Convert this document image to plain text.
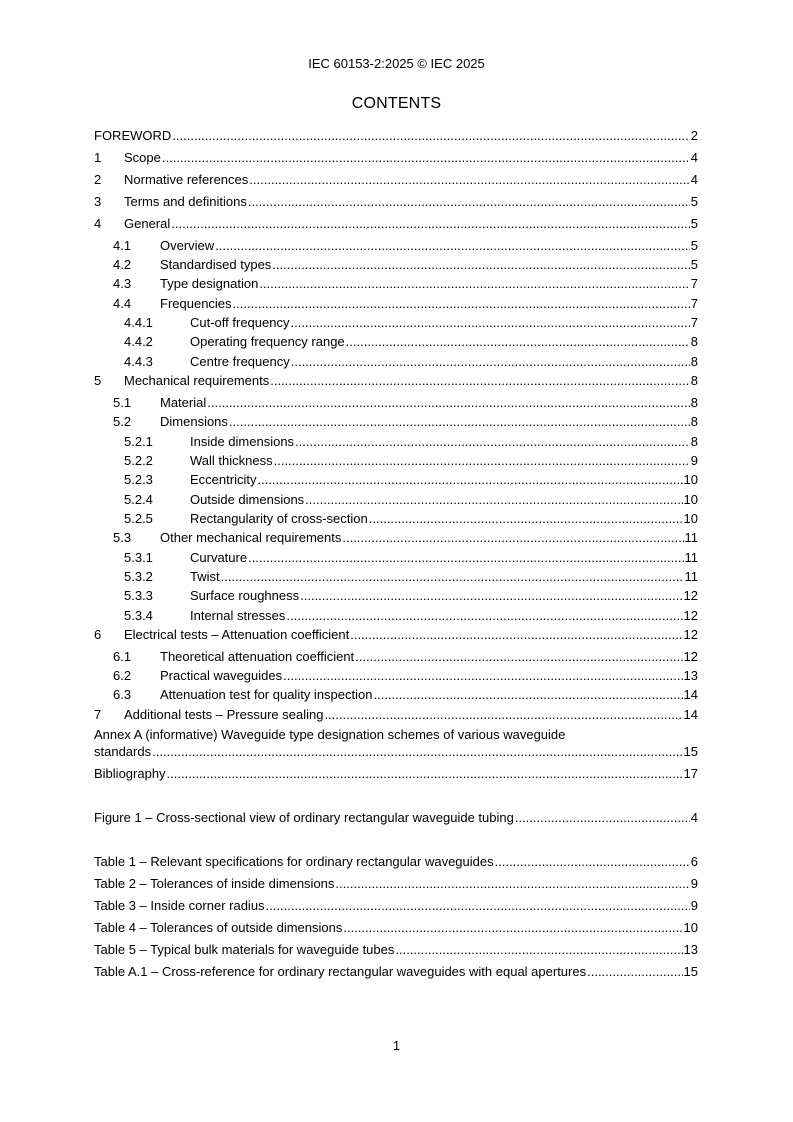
IEC 60153-2:2025 © IEC 2025
CONTENTS
FOREWORD .....	2
1	Scope .....	4
2	Normative references .....	4
3	Terms and definitions .....	5
4	General .....	5
4.1	Overview .....	5
4.2	Standardised types .....	5
4.3	Type designation .....	7
4.4	Frequencies .....	7
4.4.1	Cut-off frequency .....	7
4.4.2	Operating frequency range .....	8
4.4.3	Centre frequency .....	8
5	Mechanical requirements .....	8
5.1	Material .....	8
5.2	Dimensions .....	8
5.2.1	Inside dimensions .....	8
5.2.2	Wall thickness .....	9
5.2.3	Eccentricity .....	10
5.2.4	Outside dimensions .....	10
5.2.5	Rectangularity of cross-section .....	10
5.3	Other mechanical requirements .....	11
5.3.1	Curvature .....	11
5.3.2	Twist .....	11
5.3.3	Surface roughness .....	12
5.3.4	Internal stresses .....	12
6	Electrical tests – Attenuation coefficient .....	12
6.1	Theoretical attenuation coefficient .....	12
6.2	Practical waveguides .....	13
6.3	Attenuation test for quality inspection .....	14
7	Additional tests – Pressure sealing .....	14
Annex A (informative) Waveguide type designation schemes of various waveguide
standards .....	15
Bibliography .....	17
Figure 1 – Cross-sectional view of ordinary rectangular waveguide tubing .....	4
Table 1 – Relevant specifications for ordinary rectangular waveguides .....	6
Table 2 – Tolerances of inside dimensions .....	9
Table 3 – Inside corner radius .....	9
Table 4 – Tolerances of outside dimensions .....	10
Table 5 – Typical bulk materials for waveguide tubes .....	13
Table A.1 – Cross-reference for ordinary rectangular waveguides with equal apertures .....	15
1
